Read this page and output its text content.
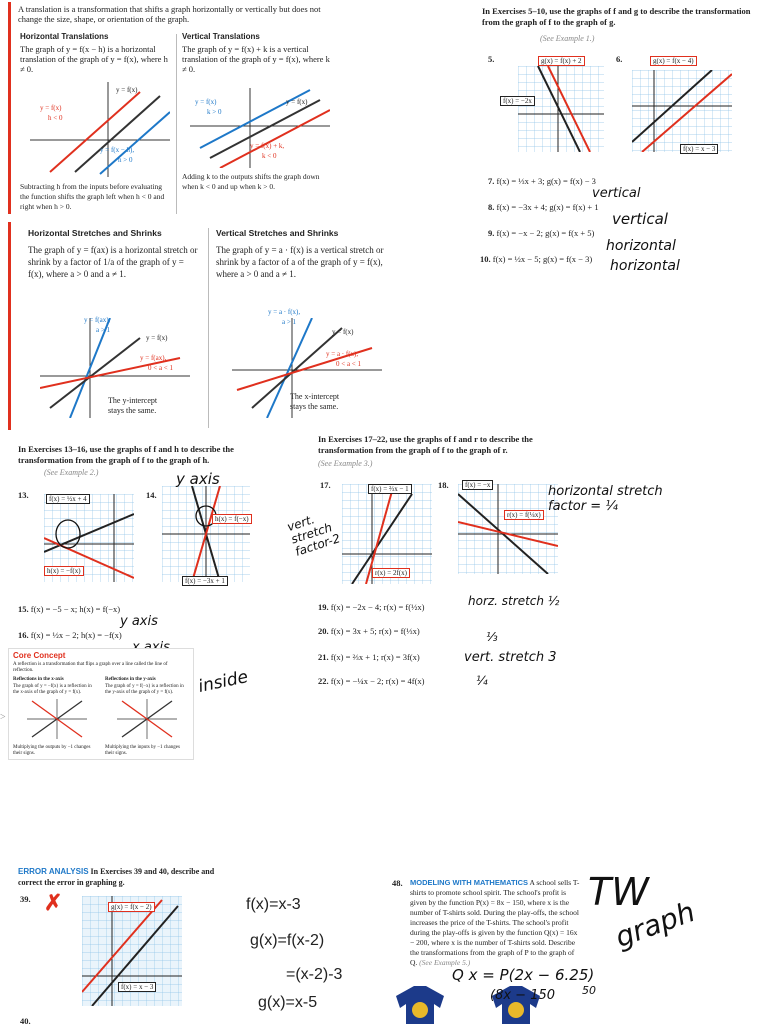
A translation is a transformation that shifts a graph horizontally or vertically but does not change the size, shape, or orientation of the graph.
Horizontal Translations
The graph of y = f(x − h) is a horizontal translation of the graph of y = f(x), where h ≠ 0.
Vertical Translations
The graph of y = f(x) + k is a vertical translation of the graph of y = f(x), where k ≠ 0.
y = f(x)
h < 0
y = f(x)
y = f(x − h),
h > 0
Subtracting h from the inputs before evaluating the function shifts the graph left when h < 0 and right when h > 0.
y = f(x)
k > 0
y = f(x)
y = f(x) + k,
k < 0
Adding k to the outputs shifts the graph down when k < 0 and up when k > 0.
Horizontal Stretches and Shrinks
The graph of y = f(ax) is a horizontal stretch or shrink by a factor of 1/a of the graph of y = f(x), where a > 0 and a ≠ 1.
Vertical Stretches and Shrinks
The graph of y = a · f(x) is a vertical stretch or shrink by a factor of a of the graph of y = f(x), where a > 0 and a ≠ 1.
y = f(ax),
a > 1
y = f(x)
y = f(ax),
0 < a < 1
The y-intercept
stays the same.
y = a · f(x),
a > 1
y = f(x)
y = a · f(x),
0 < a < 1
The x-intercept
stays the same.
In Exercises 5–10, use the graphs of f and g to describe the transformation from the graph of f to the graph of g.
(See Example 1.)
5.	6.
g(x) = f(x) + 2
f(x) = −2x
g(x) = f(x − 4)
f(x) = x − 3
7. f(x) = ⅓x + 3; g(x) = f(x) − 3
8. f(x) = −3x + 4; g(x) = f(x) + 1
9. f(x) = −x − 2; g(x) = f(x + 5)
10. f(x) = ½x − 5; g(x) = f(x − 3)
vertical
vertical
horizontal
horizontal
In Exercises 13–16, use the graphs of f and h to describe the transformation from the graph of f to the graph of h.
(See Example 2.)
13.	14.
f(x) = ½x + 4
h(x) = −f(x)
h(x) = f(−x)
f(x) = −3x + 1
15. f(x) = −5 − x; h(x) = f(−x)
16. f(x) = ½x − 2; h(x) = −f(x)
y axis
y axis
inside
In Exercises 17–22, use the graphs of f and r to describe the transformation from the graph of f to the graph of r.
(See Example 3.)
17.	18.
f(x) = ⅔x − 1
r(x) = 2f(x)
f(x) = −x
r(x) = f(¼x)
19. f(x) = −2x − 4; r(x) = f(½x)
20. f(x) = 3x + 5; r(x) = f(⅓x)
21. f(x) = ⅔x + 1; r(x) = 3f(x)
22. f(x) = −¼x − 2; r(x) = 4f(x)
vert. stretch factor-2
horizontal stretch factor = ¼
horz. stretch ½
⅓
vert. stretch 3
¼
>
Core Concept
A reflection is a transformation that flips a graph over a line called the line of reflection.
Reflections in the x-axis
The graph of y = −f(x) is a reflection in the x-axis of the graph of y = f(x).
Reflections in the y-axis
The graph of y = f(−x) is a reflection in the y-axis of the graph of y = f(x).
Multiplying the outputs by −1 changes their signs.
Multiplying the inputs by −1 changes their signs.
ERROR ANALYSIS In Exercises 39 and 40, describe and correct the error in graphing g.
39. ✗	g(x) = f(x − 2)
f(x) = x − 3
40.
f(x)=x-3
g(x)=f(x-2)
=(x-2)-3
g(x)=x-5
48. MODELING WITH MATHEMATICS A school sells T-shirts to promote school spirit. The school's profit is given by the function P(x) = 8x − 150, where x is the number of T-shirts sold. During the play-offs, the school increases the price of the T-shirts. The school's profit during the play-offs is given by the function Q(x) = 16x − 200, where x is the number of T-shirts sold. Describe the transformations from the graph of P to the graph of Q. (See Example 5.)
TW
graph
Q x = P(2x − 6.25)
(8x − 150 50
